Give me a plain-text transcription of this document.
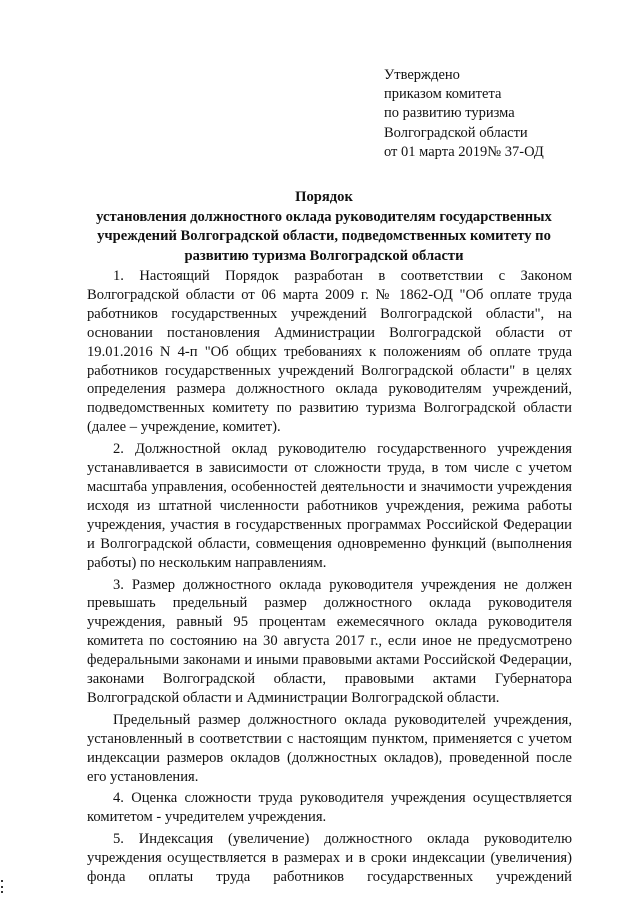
Утверждено
приказом комитета
по развитию туризма
Волгоградской области
от 01 марта 2019№ 37-ОД
Порядок
установления должностного оклада руководителям государственных учреждений Волгоградской области, подведомственных комитету по развитию туризма Волгоградской области

1. Настоящий Порядок разработан в соответствии с Законом Волгоградской области от 06 марта 2009 г. № 1862-ОД "Об оплате труда работников государственных учреждений Волгоградской области", на основании постановления Администрации Волгоградской области от 19.01.2016 N 4-п "Об общих требованиях к положениям об оплате труда работников государственных учреждений Волгоградской области" в целях определения размера должностного оклада руководителям учреждений, подведомственных комитету по развитию туризма Волгоградской области (далее – учреждение, комитет).

2. Должностной оклад руководителю государственного учреждения устанавливается в зависимости от сложности труда, в том числе с учетом масштаба управления, особенностей деятельности и значимости учреждения исходя из штатной численности работников учреждения, режима работы учреждения, участия в государственных программах Российской Федерации и Волгоградской области, совмещения одновременно функций (выполнения работы) по нескольким направлениям.

3. Размер должностного оклада руководителя учреждения не должен превышать предельный размер должностного оклада руководителя учреждения, равный 95 процентам ежемесячного оклада руководителя комитета по состоянию на 30 августа 2017 г., если иное не предусмотрено федеральными законами и иными правовыми актами Российской Федерации, законами Волгоградской области, правовыми актами Губернатора Волгоградской области и Администрации Волгоградской области.

Предельный размер должностного оклада руководителей учреждения, установленный в соответствии с настоящим пунктом, применяется с учетом индексации размеров окладов (должностных окладов), проведенной после его установления.

4. Оценка сложности труда руководителя учреждения осуществляется комитетом - учредителем учреждения.

5. Индексация (увеличение) должностного оклада руководителю учреждения осуществляется в размерах и в сроки индексации (увеличения) фонда оплаты труда работников государственных учреждений
